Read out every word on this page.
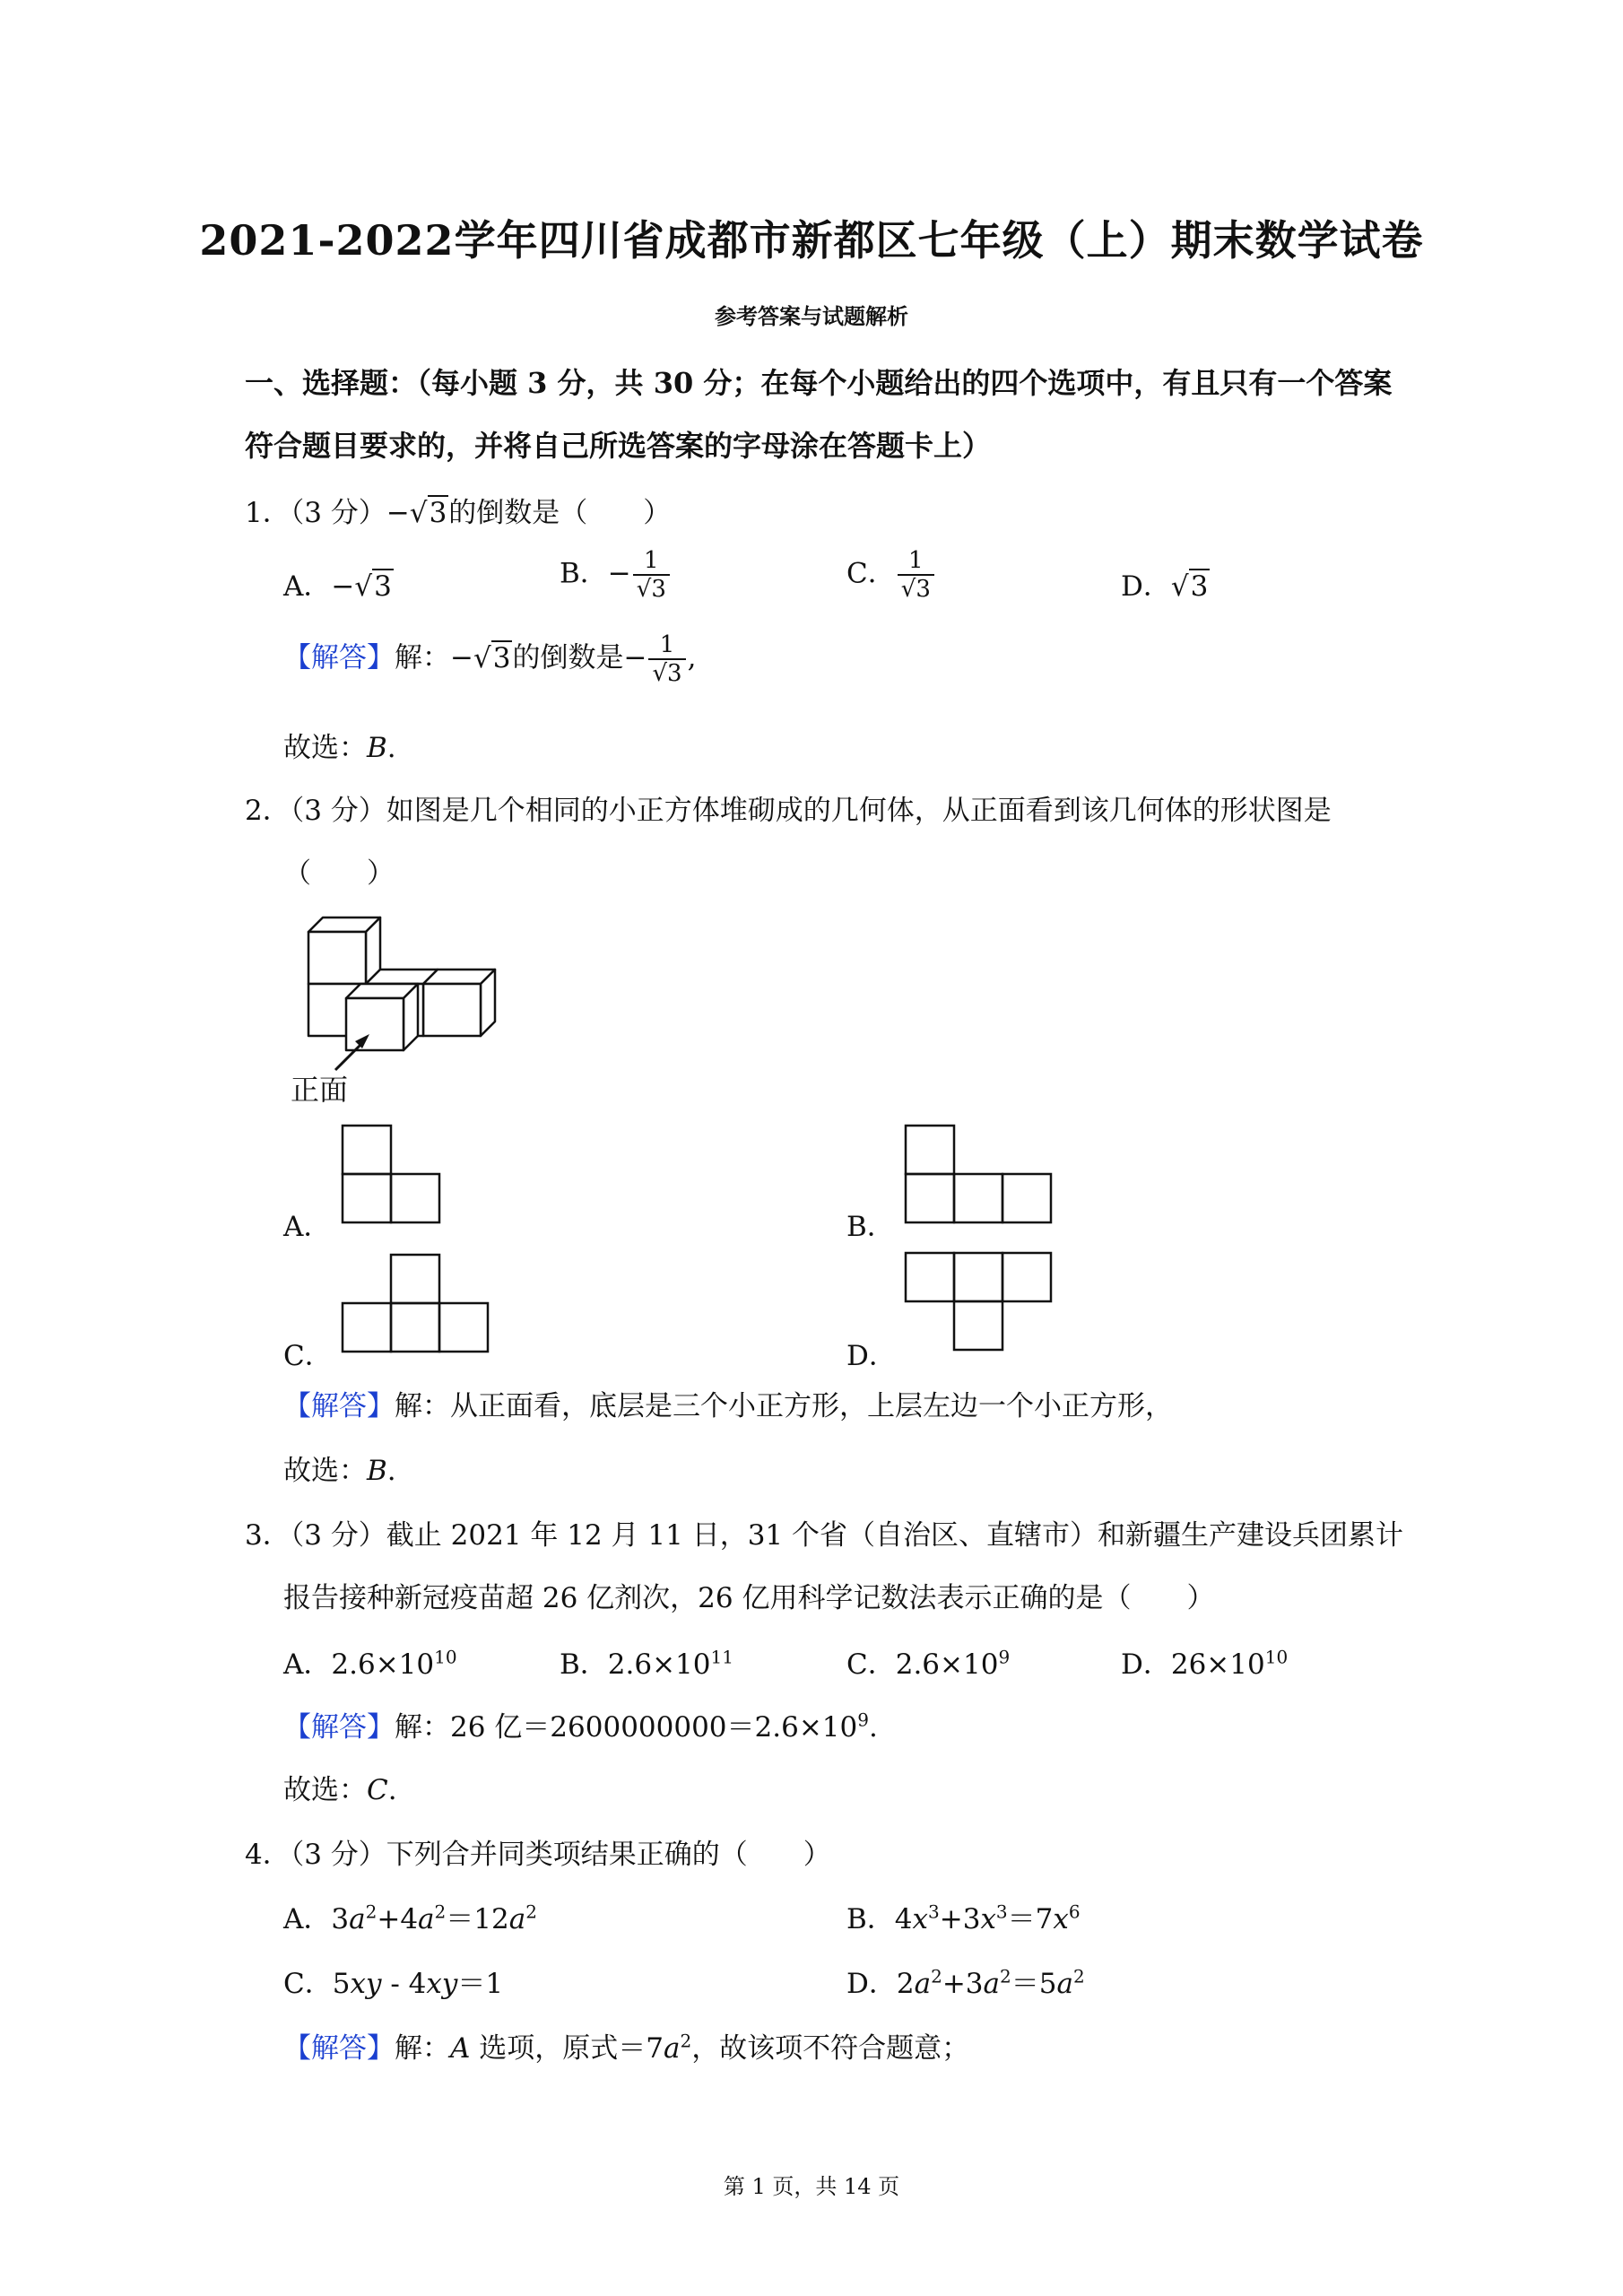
2021-2022学年四川省成都市新都区七年级（上）期末数学试卷
参考答案与试题解析
一、选择题：（每小题 3 分，共 30 分；在每个小题给出的四个选项中，有且只有一个答案
符合题目要求的，并将自己所选答案的字母涂在答题卡上）
1．（3 分）−√3的倒数是（　　）
A．−√3	B．− $\frac{1}{√3}$	C． $\frac{1}{√3}$	D．√3
【解答】解：−√3的倒数是− $\frac{1}{√3}$ ,
故选：B.
2．（3 分）如图是几个相同的小正方体堆砌成的几何体，从正面看到该几何体的形状图是
（　　）
正面
A．	B．
C．	D．
【解答】解：从正面看，底层是三个小正方形，上层左边一个小正方形，
故选：B.
3．（3 分）截止 2021 年 12 月 11 日，31 个省（自治区、直辖市）和新疆生产建设兵团累计
报告接种新冠疫苗超 26 亿剂次，26 亿用科学记数法表示正确的是（　　）
A．$2.6\times 10^{10}$	B．$2.6\times 10^{11}$	C．$2.6\times 10^9$	D．$26\times 10^{10}$
【解答】解：26 亿$=2600000000=2.6\times 10^9$.
故选：C.
4．（3 分）下列合并同类项结果正确的（　　）
A．$3a^2+4a^2=12a^2$	B．$4x^3+3x^3=7x^6$
C．5xy - 4xy＝1	D．$2a^2+3a^2=5a^2$
【解答】解：A 选项，原式$=7a^2$，故该项不符合题意；
第 1 页，共 14 页
